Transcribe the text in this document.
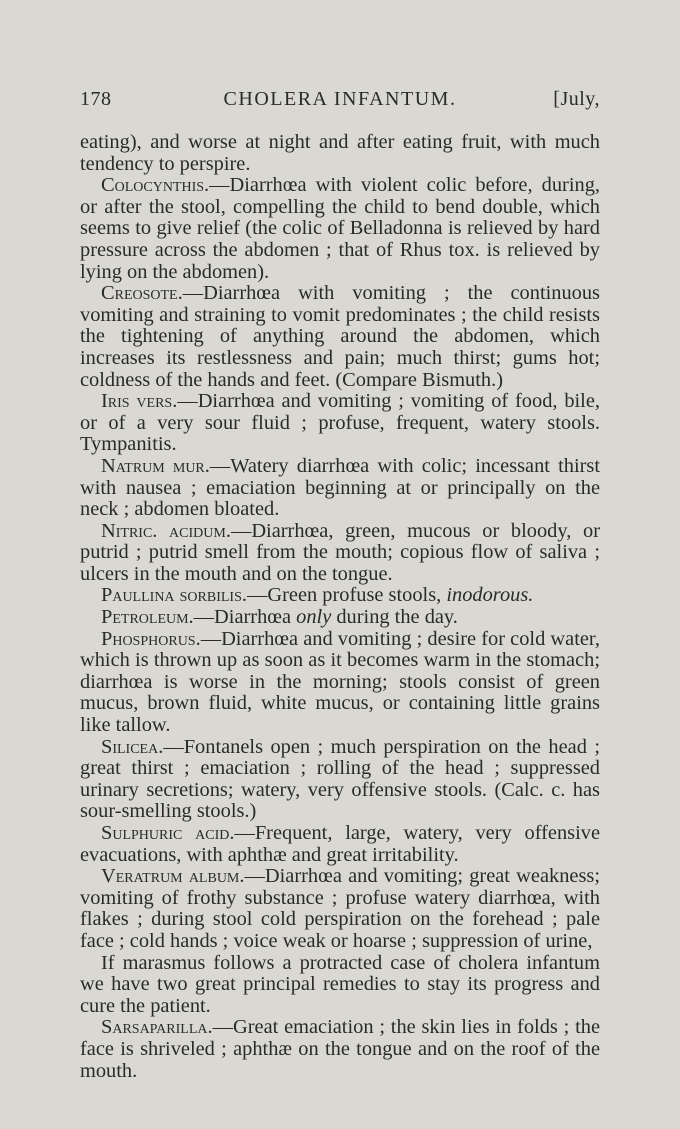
178	CHOLERA INFANTUM.	[July,

eating), and worse at night and after eating fruit, with much tendency to perspire.

Colocynthis.—Diarrhœa with violent colic before, during, or after the stool, compelling the child to bend double, which seems to give relief (the colic of Belladonna is relieved by hard pressure across the abdomen ; that of Rhus tox. is relieved by lying on the abdomen).

Creosote.—Diarrhœa with vomiting ; the continuous vomiting and straining to vomit predominates ; the child resists the tightening of anything around the abdomen, which increases its restlessness and pain; much thirst; gums hot; coldness of the hands and feet. (Compare Bismuth.)

Iris vers.—Diarrhœa and vomiting ; vomiting of food, bile, or of a very sour fluid ; profuse, frequent, watery stools. Tympanitis.

Natrum mur.—Watery diarrhœa with colic; incessant thirst with nausea ; emaciation beginning at or principally on the neck ; abdomen bloated.

Nitric. acidum.—Diarrhœa, green, mucous or bloody, or putrid ; putrid smell from the mouth; copious flow of saliva ; ulcers in the mouth and on the tongue.

Paullina sorbilis.—Green profuse stools, inodorous.

Petroleum.—Diarrhœa only during the day.

Phosphorus.—Diarrhœa and vomiting ; desire for cold water, which is thrown up as soon as it becomes warm in the stomach; diarrhœa is worse in the morning; stools consist of green mucus, brown fluid, white mucus, or containing little grains like tallow.

Silicea.—Fontanels open ; much perspiration on the head ; great thirst ; emaciation ; rolling of the head ; suppressed urinary secretions; watery, very offensive stools. (Calc. c. has sour-smelling stools.)

Sulphuric acid.—Frequent, large, watery, very offensive evacuations, with aphthæ and great irritability.

Veratrum album.—Diarrhœa and vomiting; great weakness; vomiting of frothy substance ; profuse watery diarrhœa, with flakes ; during stool cold perspiration on the forehead ; pale face ; cold hands ; voice weak or hoarse ; suppression of urine,

If marasmus follows a protracted case of cholera infantum we have two great principal remedies to stay its progress and cure the patient.

Sarsaparilla.—Great emaciation ; the skin lies in folds ; the face is shriveled ; aphthæ on the tongue and on the roof of the mouth.
